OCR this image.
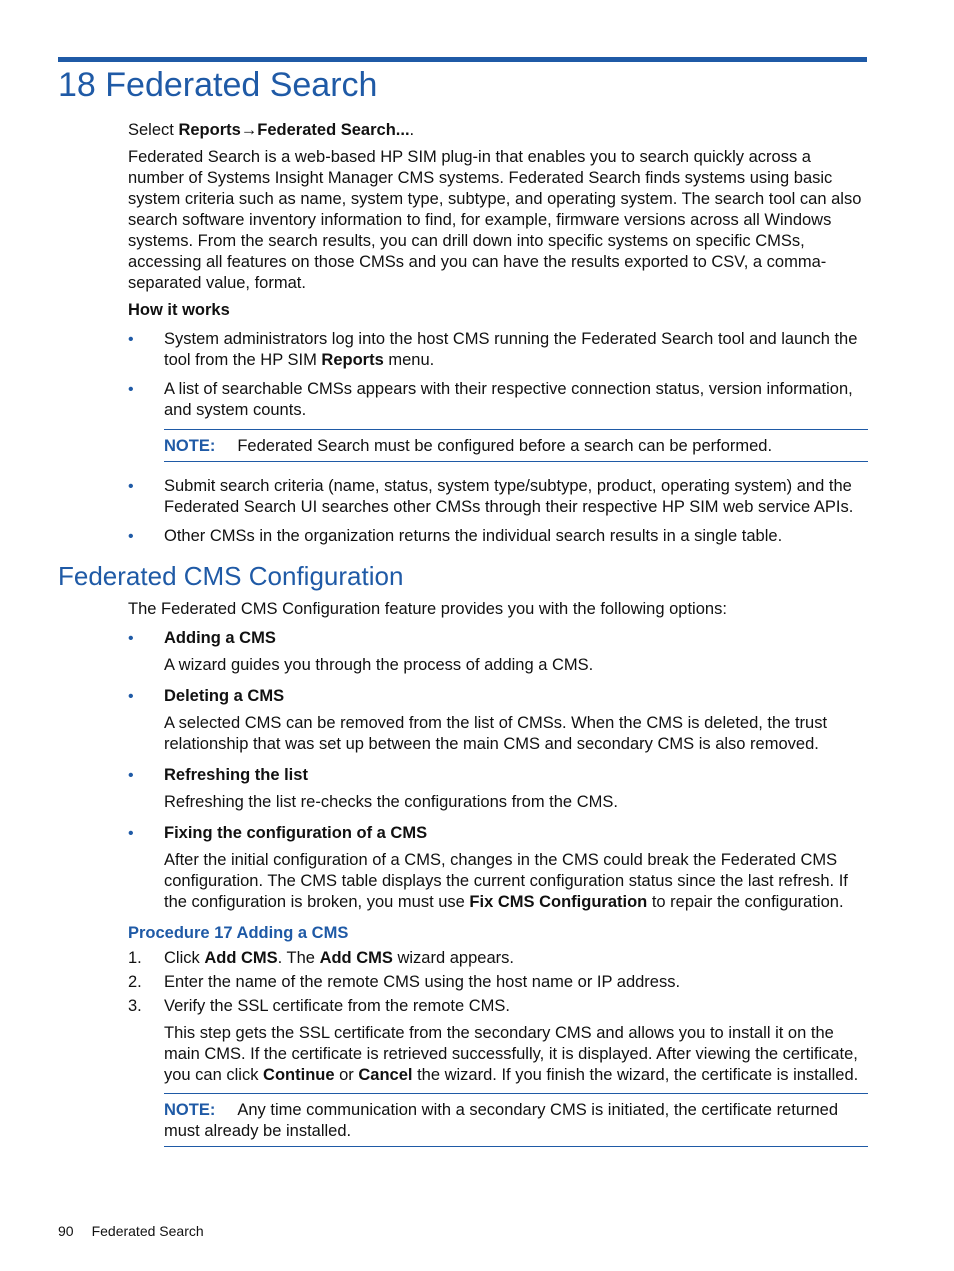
18 Federated Search

Select Reports→Federated Search....

Federated Search is a web-based HP SIM plug-in that enables you to search quickly across a number of Systems Insight Manager CMS systems. Federated Search finds systems using basic system criteria such as name, system type, subtype, and operating system. The search tool can also search software inventory information to find, for example, firmware versions across all Windows systems. From the search results, you can drill down into specific systems on specific CMSs, accessing all features on those CMSs and you can have the results exported to CSV, a comma-separated value, format.

How it works

• System administrators log into the host CMS running the Federated Search tool and launch the tool from the HP SIM Reports menu.
• A list of searchable CMSs appears with their respective connection status, version information, and system counts.
NOTE: Federated Search must be configured before a search can be performed.
• Submit search criteria (name, status, system type/subtype, product, operating system) and the Federated Search UI searches other CMSs through their respective HP SIM web service APIs.
• Other CMSs in the organization returns the individual search results in a single table.
Federated CMS Configuration

The Federated CMS Configuration feature provides you with the following options:

• Adding a CMS
A wizard guides you through the process of adding a CMS.
• Deleting a CMS
A selected CMS can be removed from the list of CMSs. When the CMS is deleted, the trust relationship that was set up between the main CMS and secondary CMS is also removed.
• Refreshing the list
Refreshing the list re-checks the configurations from the CMS.
• Fixing the configuration of a CMS
After the initial configuration of a CMS, changes in the CMS could break the Federated CMS configuration. The CMS table displays the current configuration status since the last refresh. If the configuration is broken, you must use Fix CMS Configuration to repair the configuration.

Procedure 17 Adding a CMS

1. Click Add CMS. The Add CMS wizard appears.
2. Enter the name of the remote CMS using the host name or IP address.
3. Verify the SSL certificate from the remote CMS.

This step gets the SSL certificate from the secondary CMS and allows you to install it on the main CMS. If the certificate is retrieved successfully, it is displayed. After viewing the certificate, you can click Continue or Cancel the wizard. If you finish the wizard, the certificate is installed.

NOTE: Any time communication with a secondary CMS is initiated, the certificate returned must already be installed.
90 Federated Search
